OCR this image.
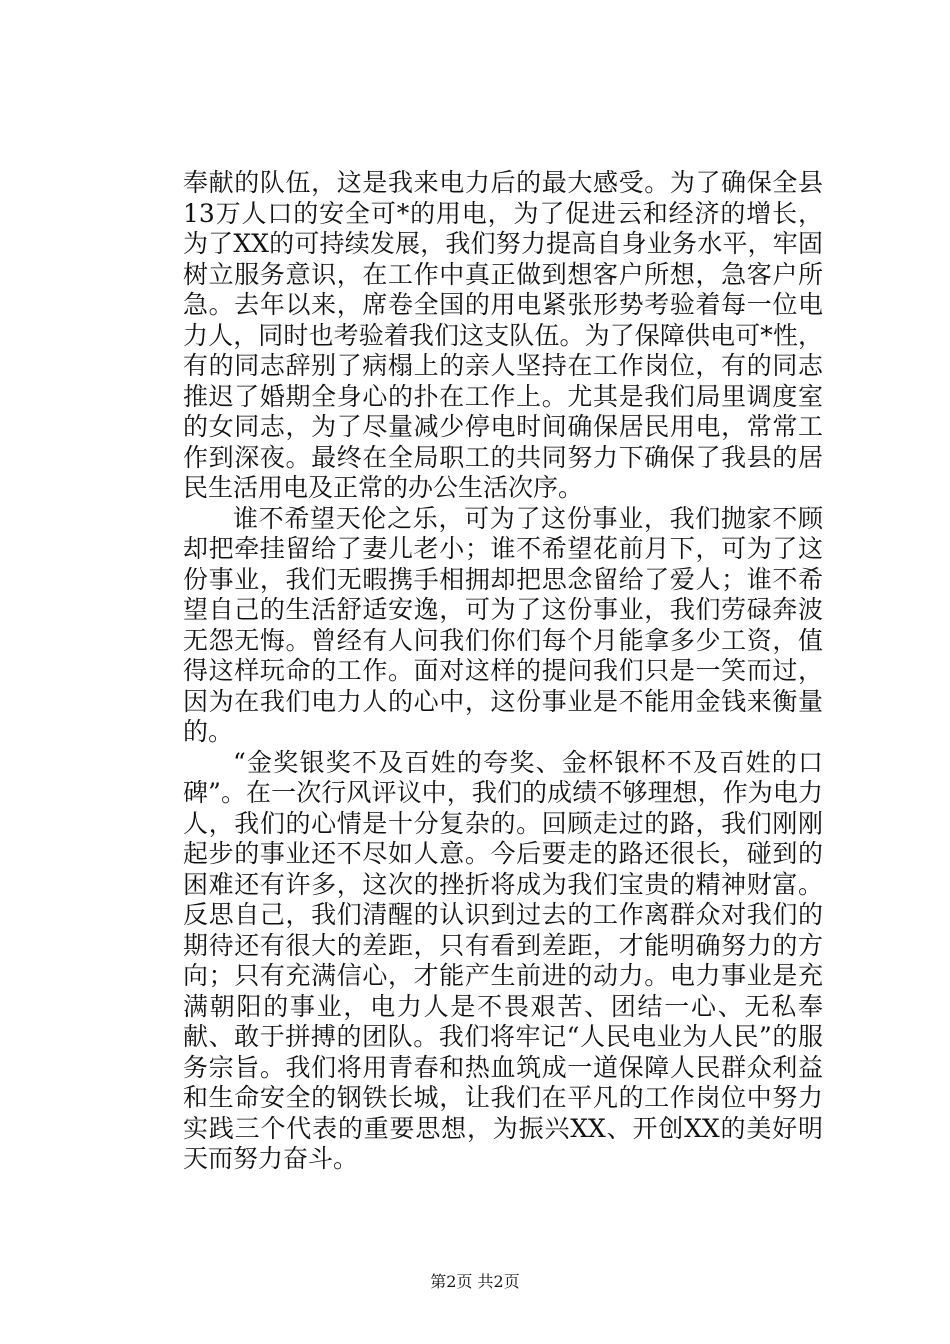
奉献的队伍，这是我来电力后的最大感受。为了确保全县13万人口的安全可*的用电，为了促进云和经济的增长，为了XX的可持续发展，我们努力提高自身业务水平，牢固树立服务意识，在工作中真正做到想客户所想，急客户所急。去年以来，席卷全国的用电紧张形势考验着每一位电力人，同时也考验着我们这支队伍。为了保障供电可*性，有的同志辞别了病榻上的亲人坚持在工作岗位，有的同志推迟了婚期全身心的扑在工作上。尤其是我们局里调度室的女同志，为了尽量减少停电时间确保居民用电，常常工作到深夜。最终在全局职工的共同努力下确保了我县的居民生活用电及正常的办公生活次序。

谁不希望天伦之乐，可为了这份事业，我们抛家不顾却把牵挂留给了妻儿老小；谁不希望花前月下，可为了这份事业，我们无暇携手相拥却把思念留给了爱人；谁不希望自己的生活舒适安逸，可为了这份事业，我们劳碌奔波无怨无悔。曾经有人问我们你们每个月能拿多少工资，值得这样玩命的工作。面对这样的提问我们只是一笑而过，因为在我们电力人的心中，这份事业是不能用金钱来衡量的。

“金奖银奖不及百姓的夸奖、金杯银杯不及百姓的口碑”。在一次行风评议中，我们的成绩不够理想，作为电力人，我们的心情是十分复杂的。回顾走过的路，我们刚刚起步的事业还不尽如人意。今后要走的路还很长，碰到的困难还有许多，这次的挫折将成为我们宝贵的精神财富。反思自己，我们清醒的认识到过去的工作离群众对我们的期待还有很大的差距，只有看到差距，才能明确努力的方向；只有充满信心，才能产生前进的动力。电力事业是充满朝阳的事业，电力人是不畏艰苦、团结一心、无私奉献、敢于拼搏的团队。我们将牢记“人民电业为人民”的服务宗旨。我们将用青春和热血筑成一道保障人民群众利益和生命安全的钢铁长城，让我们在平凡的工作岗位中努力实践三个代表的重要思想，为振兴XX、开创XX的美好明天而努力奋斗。

第2页 共2页
